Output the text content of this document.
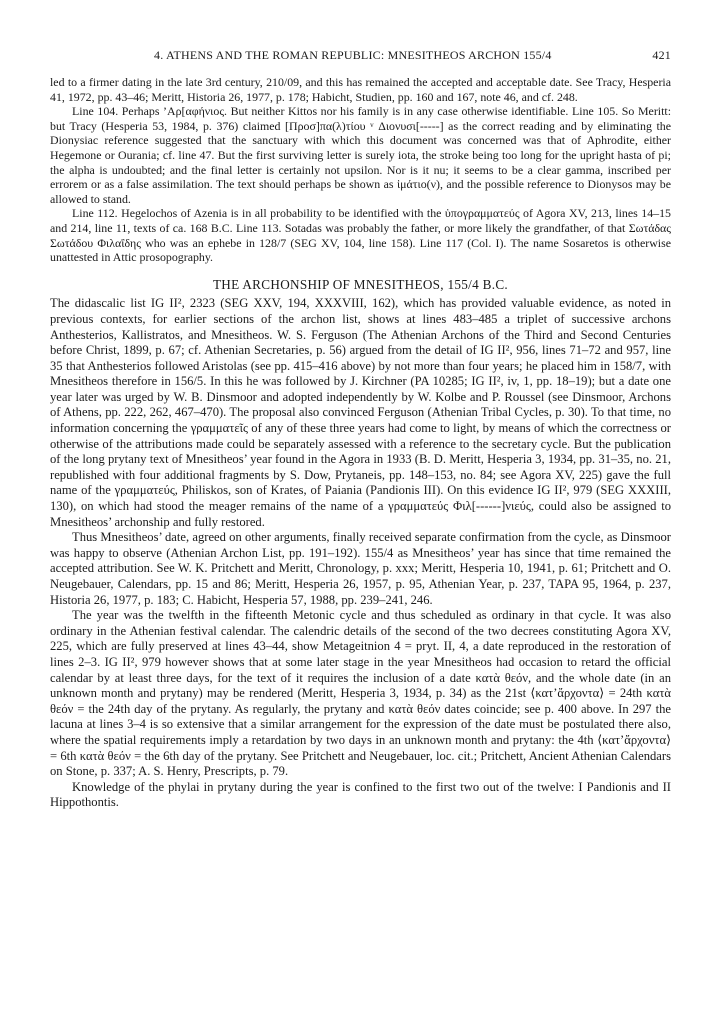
4. ATHENS AND THE ROMAN REPUBLIC: MNESITHEOS ARCHON 155/4	421

led to a firmer dating in the late 3rd century, 210/09, and this has remained the accepted and acceptable date. See Tracy, Hesperia 41, 1972, pp. 43–46; Meritt, Historia 26, 1977, p. 178; Habicht, Studien, pp. 160 and 167, note 46, and cf. 248.

Line 104. Perhaps ’Αρ[αφήνιος. But neither Kittos nor his family is in any case otherwise identifiable. Line 105. So Meritt: but Tracy (Hesperia 53, 1984, p. 376) claimed [Προσ]πα(λ)τίου ᵛ Διονυσι[-----] as the correct reading and by eliminating the Dionysiac reference suggested that the sanctuary with which this document was concerned was that of Aphrodite, either Hegemone or Ourania; cf. line 47. But the first surviving letter is surely iota, the stroke being too long for the upright hasta of pi; the alpha is undoubted; and the final letter is certainly not upsilon. Nor is it nu; it seems to be a clear gamma, inscribed per errorem or as a false assimilation. The text should perhaps be shown as ἱμάτιο(ν), and the possible reference to Dionysos may be allowed to stand.

Line 112. Hegelochos of Azenia is in all probability to be identified with the ὑπογραμματεύς of Agora XV, 213, lines 14–15 and 214, line 11, texts of ca. 168 B.C. Line 113. Sotadas was probably the father, or more likely the grandfather, of that Σωτάδας Σωτάδου Φιλαΐδης who was an ephebe in 128/7 (SEG XV, 104, line 158). Line 117 (Col. I). The name Sosaretos is otherwise unattested in Attic prosopography.

THE ARCHONSHIP OF MNESITHEOS, 155/4 B.C.

The didascalic list IG II², 2323 (SEG XXV, 194, XXXVIII, 162), which has provided valuable evidence, as noted in previous contexts, for earlier sections of the archon list, shows at lines 483–485 a triplet of successive archons Anthesterios, Kallistratos, and Mnesitheos. W. S. Ferguson (The Athenian Archons of the Third and Second Centuries before Christ, 1899, p. 67; cf. Athenian Secretaries, p. 56) argued from the detail of IG II², 956, lines 71–72 and 957, line 35 that Anthesterios followed Aristolas (see pp. 415–416 above) by not more than four years; he placed him in 158/7, with Mnesitheos therefore in 156/5. In this he was followed by J. Kirchner (PA 10285; IG II², iv, 1, pp. 18–19); but a date one year later was urged by W. B. Dinsmoor and adopted independently by W. Kolbe and P. Roussel (see Dinsmoor, Archons of Athens, pp. 222, 262, 467–470). The proposal also convinced Ferguson (Athenian Tribal Cycles, p. 30). To that time, no information concerning the γραμματεῖς of any of these three years had come to light, by means of which the correctness or otherwise of the attributions made could be separately assessed with a reference to the secretary cycle. But the publication of the long prytany text of Mnesitheos’ year found in the Agora in 1933 (B. D. Meritt, Hesperia 3, 1934, pp. 31–35, no. 21, republished with four additional fragments by S. Dow, Prytaneis, pp. 148–153, no. 84; see Agora XV, 225) gave the full name of the γραμματεύς, Philiskos, son of Krates, of Paiania (Pandionis III). On this evidence IG II², 979 (SEG XXXIII, 130), on which had stood the meager remains of the name of a γραμματεύς Φιλ[------]νιεύς, could also be assigned to Mnesitheos’ archonship and fully restored.

Thus Mnesitheos’ date, agreed on other arguments, finally received separate confirmation from the cycle, as Dinsmoor was happy to observe (Athenian Archon List, pp. 191–192). 155/4 as Mnesitheos’ year has since that time remained the accepted attribution. See W. K. Pritchett and Meritt, Chronology, p. xxx; Meritt, Hesperia 10, 1941, p. 61; Pritchett and O. Neugebauer, Calendars, pp. 15 and 86; Meritt, Hesperia 26, 1957, p. 95, Athenian Year, p. 237, TAPA 95, 1964, p. 237, Historia 26, 1977, p. 183; C. Habicht, Hesperia 57, 1988, pp. 239–241, 246.

The year was the twelfth in the fifteenth Metonic cycle and thus scheduled as ordinary in that cycle. It was also ordinary in the Athenian festival calendar. The calendric details of the second of the two decrees constituting Agora XV, 225, which are fully preserved at lines 43–44, show Metageitnion 4 = pryt. II, 4, a date reproduced in the restoration of lines 2–3. IG II², 979 however shows that at some later stage in the year Mnesitheos had occasion to retard the official calendar by at least three days, for the text of it requires the inclusion of a date κατὰ θεόν, and the whole date (in an unknown month and prytany) may be rendered (Meritt, Hesperia 3, 1934, p. 34) as the 21st ⟨κατ’ἄρχοντα⟩ = 24th κατὰ θεόν = the 24th day of the prytany. As regularly, the prytany and κατὰ θεόν dates coincide; see p. 400 above. In 297 the lacuna at lines 3–4 is so extensive that a similar arrangement for the expression of the date must be postulated there also, where the spatial requirements imply a retardation by two days in an unknown month and prytany: the 4th ⟨κατ’ἄρχοντα⟩ = 6th κατὰ θεόν = the 6th day of the prytany. See Pritchett and Neugebauer, loc. cit.; Pritchett, Ancient Athenian Calendars on Stone, p. 337; A. S. Henry, Prescripts, p. 79.

Knowledge of the phylai in prytany during the year is confined to the first two out of the twelve: I Pandionis and II Hippothontis.
